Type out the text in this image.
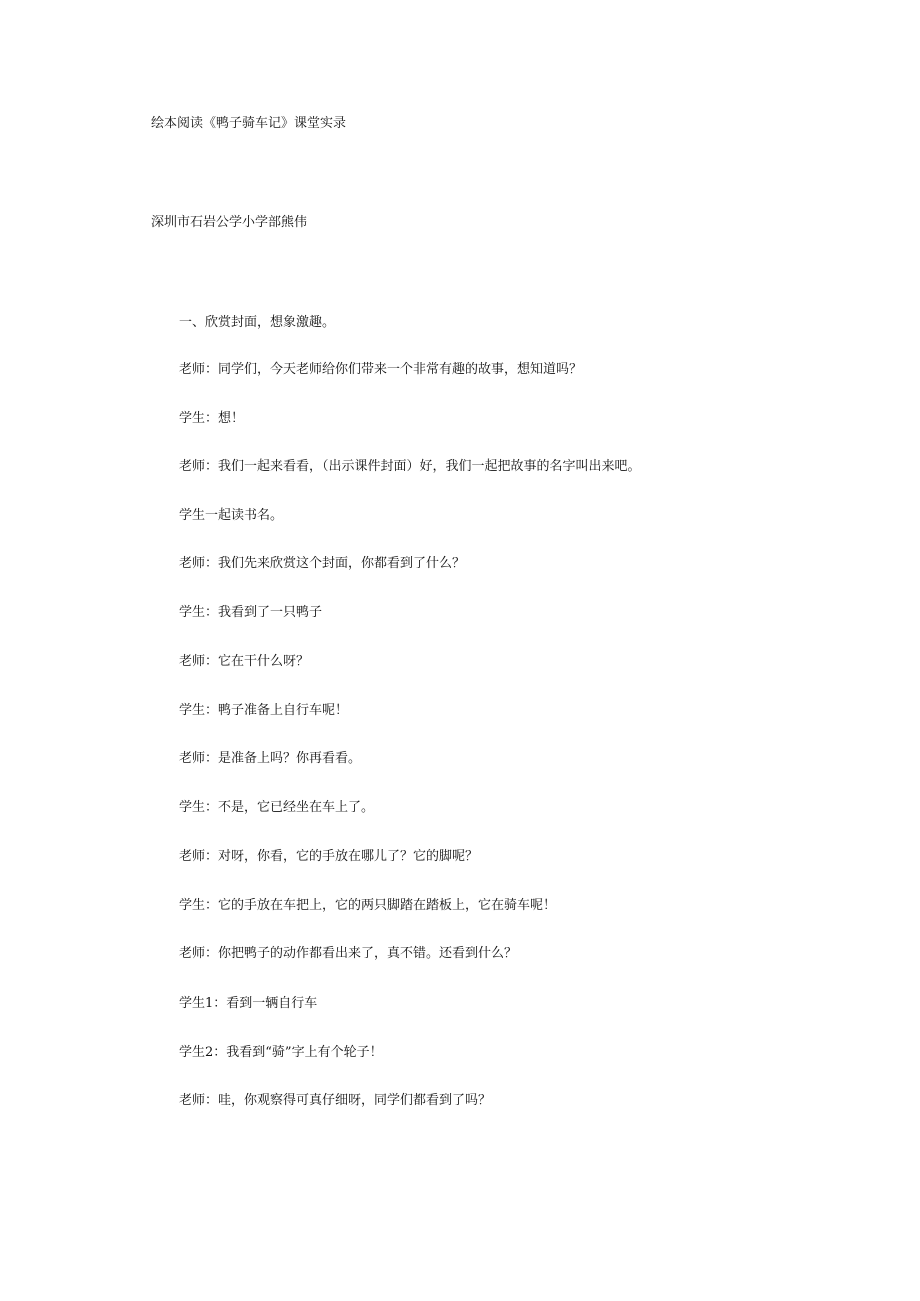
绘本阅读《鸭子骑车记》课堂实录
深圳市石岩公学小学部熊伟
一、欣赏封面，想象激趣。
老师：同学们，今天老师给你们带来一个非常有趣的故事，想知道吗？
学生：想！
老师：我们一起来看看，（出示课件封面）好，我们一起把故事的名字叫出来吧。
学生一起读书名。
老师：我们先来欣赏这个封面，你都看到了什么？
学生：我看到了一只鸭子
老师：它在干什么呀？
学生：鸭子准备上自行车呢！
老师：是准备上吗？你再看看。
学生：不是，它已经坐在车上了。
老师：对呀，你看，它的手放在哪儿了？它的脚呢？
学生：它的手放在车把上，它的两只脚踏在踏板上，它在骑车呢！
老师：你把鸭子的动作都看出来了，真不错。还看到什么？
学生1：看到一辆自行车
学生2：我看到“骑”字上有个轮子！
老师：哇，你观察得可真仔细呀，同学们都看到了吗？
